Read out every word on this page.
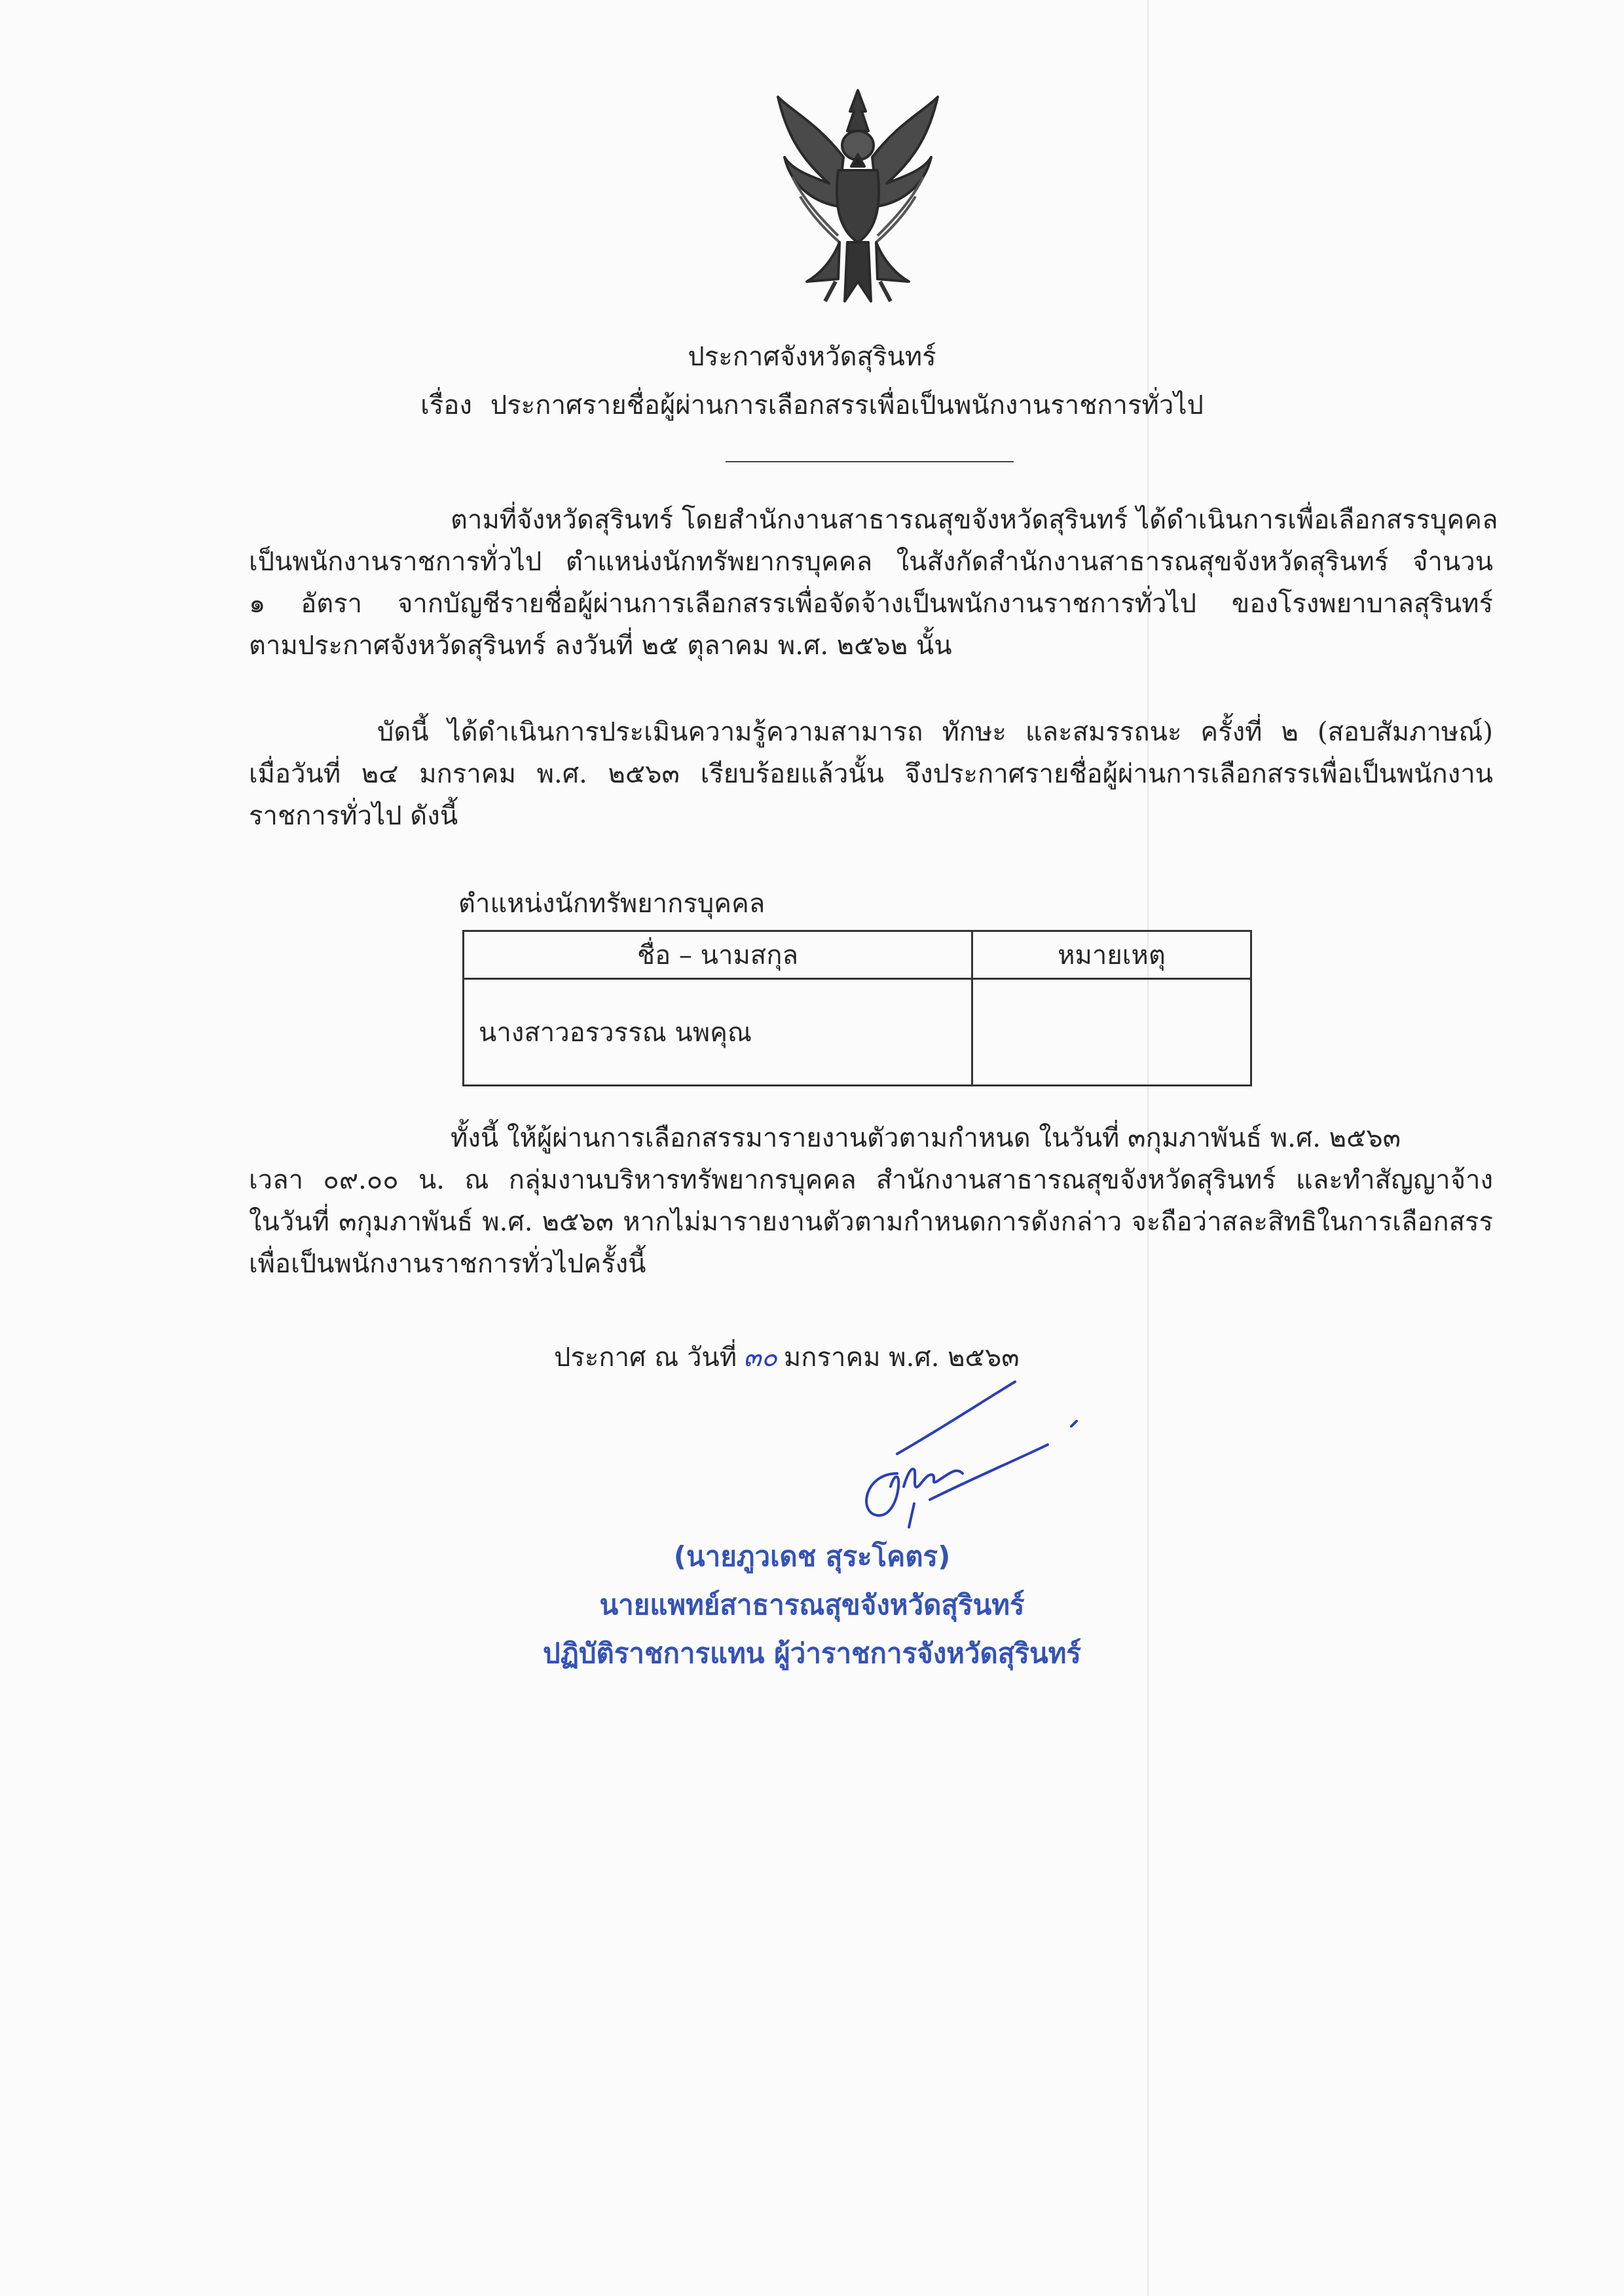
ประกาศจังหวัดสุรินทร์
เรื่อง ประกาศรายชื่อผู้ผ่านการเลือกสรรเพื่อเป็นพนักงานราชการทั่วไป
ตามที่จังหวัดสุรินทร์ โดยสำนักงานสาธารณสุขจังหวัดสุรินทร์ ได้ดำเนินการเพื่อเลือกสรรบุคคล
เป็นพนักงานราชการทั่วไป ตำแหน่งนักทรัพยากรบุคคล ในสังกัดสำนักงานสาธารณสุขจังหวัดสุรินทร์ จำนวน
๑ อัตรา จากบัญชีรายชื่อผู้ผ่านการเลือกสรรเพื่อจัดจ้างเป็นพนักงานราชการทั่วไป ของโรงพยาบาลสุรินทร์
ตามประกาศจังหวัดสุรินทร์ ลงวันที่ ๒๕ ตุลาคม พ.ศ. ๒๕๖๒ นั้น
บัดนี้ ได้ดำเนินการประเมินความรู้ความสามารถ ทักษะ และสมรรถนะ ครั้งที่ ๒ (สอบสัมภาษณ์)
เมื่อวันที่ ๒๔ มกราคม พ.ศ. ๒๕๖๓ เรียบร้อยแล้วนั้น จึงประกาศรายชื่อผู้ผ่านการเลือกสรรเพื่อเป็นพนักงาน
ราชการทั่วไป ดังนี้
ตำแหน่งนักทรัพยากรบุคคล
ชื่อ – นามสกุล	หมายเหตุ
นางสาวอรวรรณ นพคุณ	
ทั้งนี้ ให้ผู้ผ่านการเลือกสรรมารายงานตัวตามกำหนด ในวันที่ ๓กุมภาพันธ์ พ.ศ. ๒๕๖๓
เวลา ๐๙.๐๐ น. ณ กลุ่มงานบริหารทรัพยากรบุคคล สำนักงานสาธารณสุขจังหวัดสุรินทร์ และทำสัญญาจ้าง
ในวันที่ ๓กุมภาพันธ์ พ.ศ. ๒๕๖๓ หากไม่มารายงานตัวตามกำหนดการดังกล่าว จะถือว่าสละสิทธิในการเลือกสรร
เพื่อเป็นพนักงานราชการทั่วไปครั้งนี้
ประกาศ ณ วันที่ ๓๐ มกราคม พ.ศ. ๒๕๖๓
(นายภูวเดช สุระโคตร)
นายแพทย์สาธารณสุขจังหวัดสุรินทร์
ปฏิบัติราชการแทน ผู้ว่าราชการจังหวัดสุรินทร์
